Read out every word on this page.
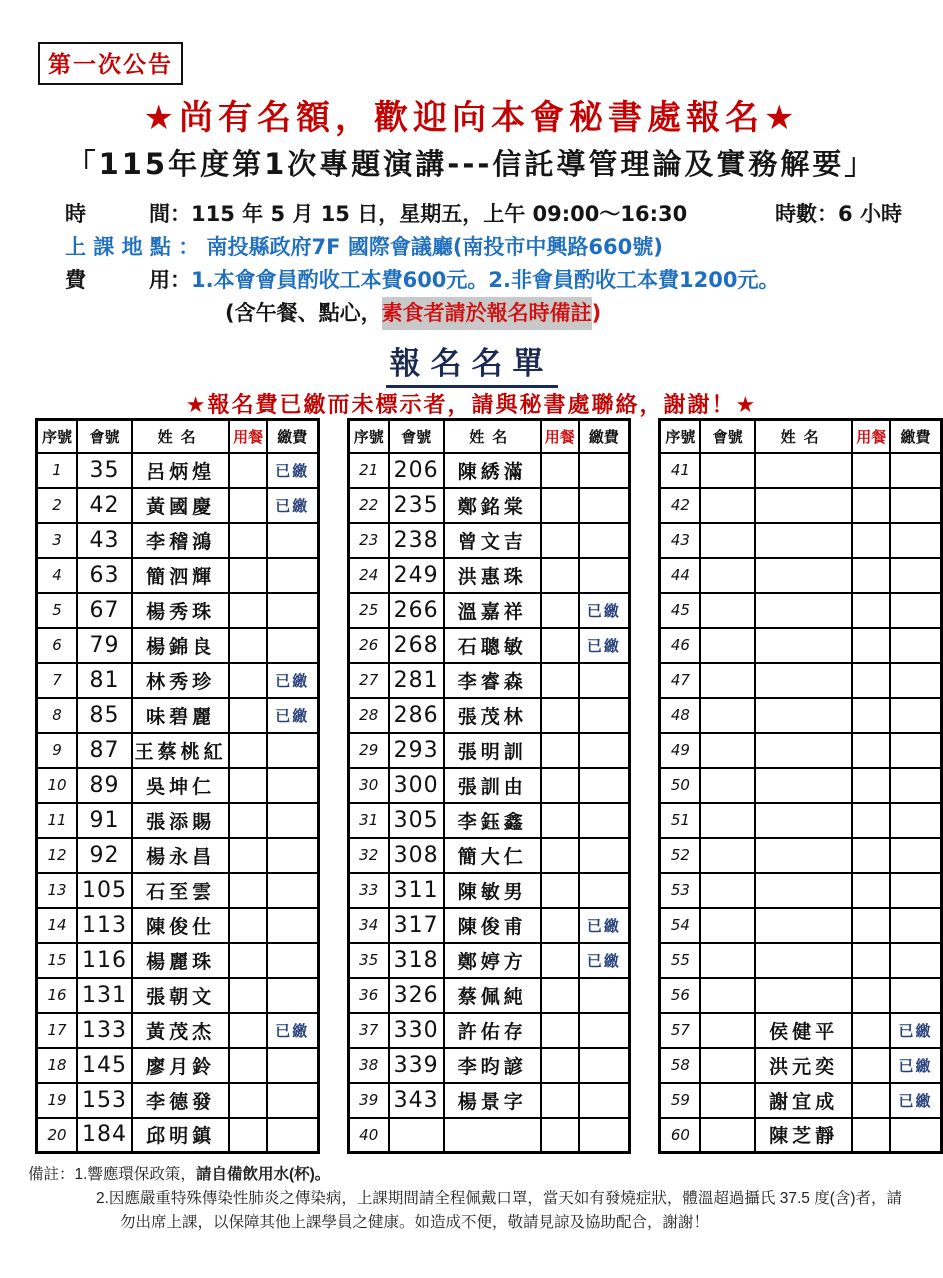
第一次公告
★尚有名額，歡迎向本會秘書處報名★
「115年度第1次專題演講---信託導管理論及實務解要」
時　　　間：115 年 5 月 15 日，星期五，上午 09:00～16:30	時數：6 小時
上 課 地 點 ： 南投縣政府7F 國際會議廳(南投市中興路660號)
費　　　用： 1.本會會員酌收工本費600元。2.非會員酌收工本費1200元。
(含午餐、點心， 素食者請於報名時備註 )
報名名單
★報名費已繳而未標示者，請與秘書處聯絡，謝謝！★
序號	會號	姓名	用餐	繳費
1	35	呂炳煌		已繳
2	42	黃國慶		已繳
3	43	李稽鴻		
4	63	簡泗輝		
5	67	楊秀珠		
6	79	楊錦良		
7	81	林秀珍		已繳
8	85	味碧麗		已繳
9	87	王蔡桃紅		
10	89	吳坤仁		
11	91	張添賜		
12	92	楊永昌		
13	105	石至雲		
14	113	陳俊仕		
15	116	楊麗珠		
16	131	張朝文		
17	133	黃茂杰		已繳
18	145	廖月鈴		
19	153	李德發		
20	184	邱明鎮		
序號	會號	姓名	用餐	繳費
21	206	陳綉滿		
22	235	鄭銘棠		
23	238	曾文吉		
24	249	洪惠珠		
25	266	溫嘉祥		已繳
26	268	石聰敏		已繳
27	281	李睿森		
28	286	張茂林		
29	293	張明訓		
30	300	張訓由		
31	305	李鈺鑫		
32	308	簡大仁		
33	311	陳敏男		
34	317	陳俊甫		已繳
35	318	鄭婷方		已繳
36	326	蔡佩純		
37	330	許佑存		
38	339	李昀諺		
39	343	楊景字		
40				
序號	會號	姓名	用餐	繳費
41				
42				
43				
44				
45				
46				
47				
48				
49				
50				
51				
52				
53				
54				
55				
56				
57		侯健平		已繳
58		洪元奕		已繳
59		謝宜成		已繳
60		陳芝靜		
備註：1.響應環保政策，請自備飲用水(杯)。
2.因應嚴重特殊傳染性肺炎之傳染病，上課期間請全程佩戴口罩，當天如有發燒症狀，體溫超過攝氏 37.5 度(含)者，請
勿出席上課，以保障其他上課學員之健康。如造成不便，敬請見諒及協助配合，謝謝！
